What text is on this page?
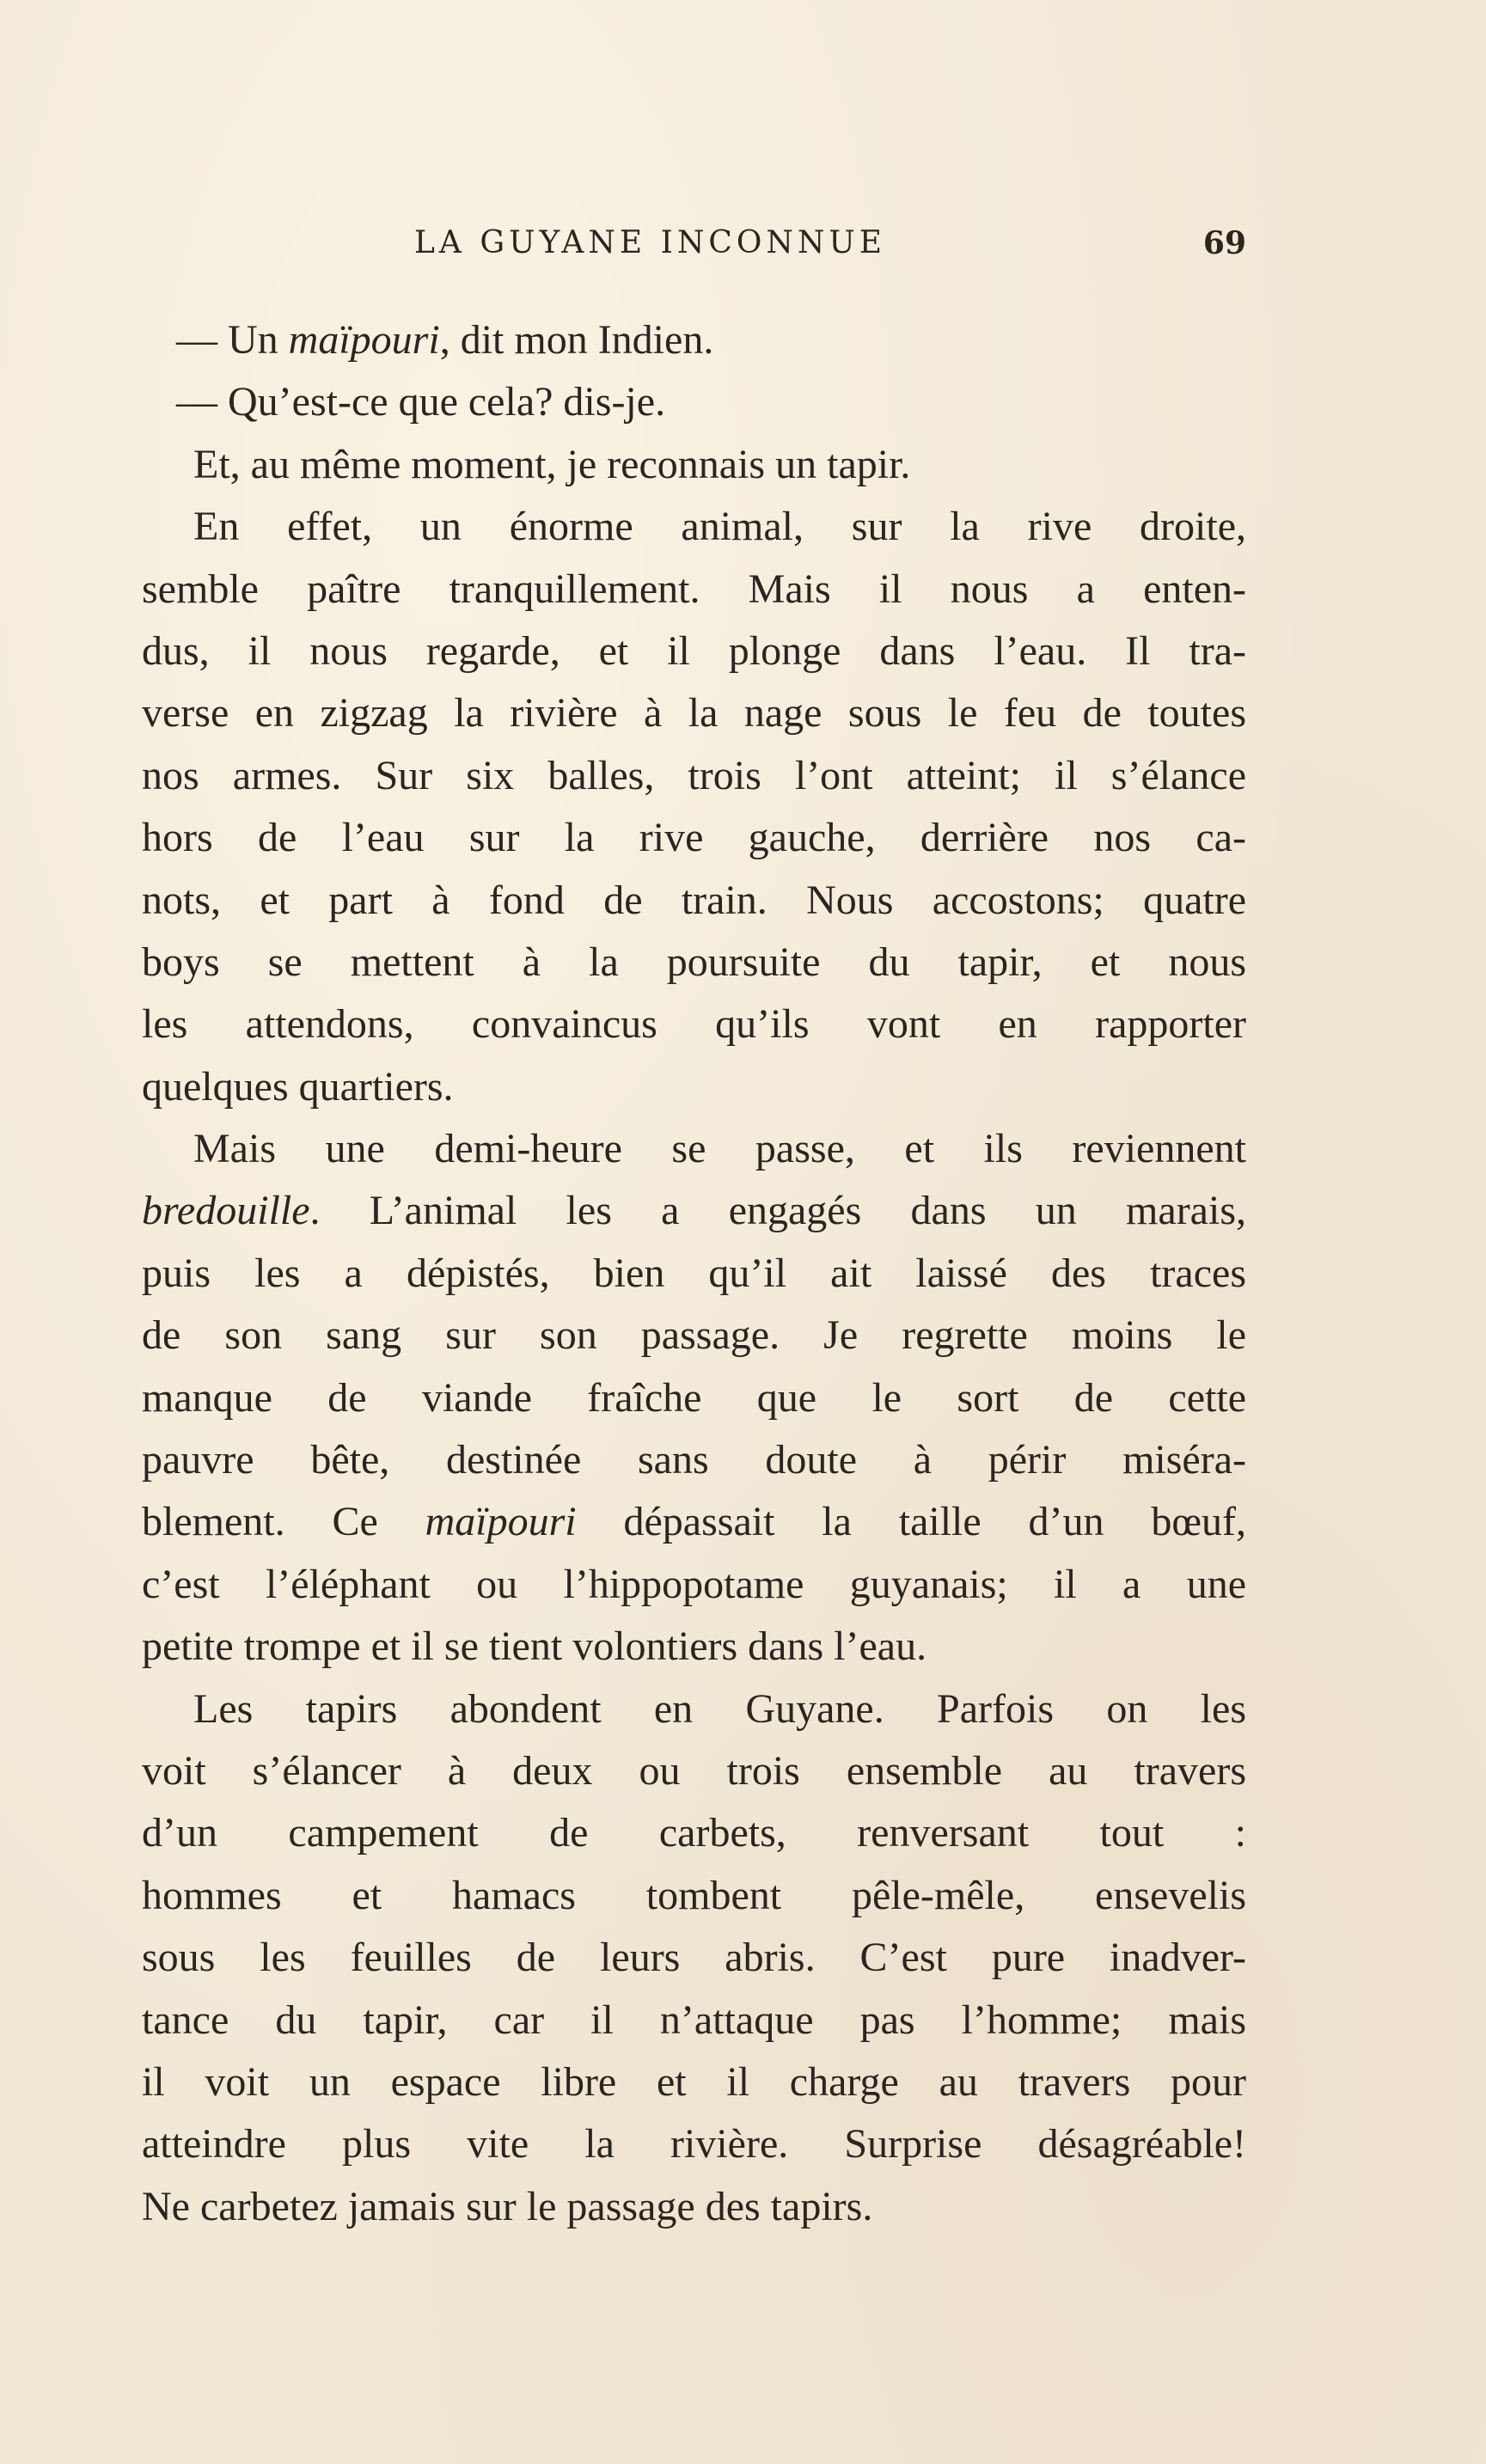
LA GUYANE INCONNUE	69
— Un maïpouri, dit mon Indien.
— Qu’est-ce que cela? dis-je.
Et, au même moment, je reconnais un tapir.
En effet, un énorme animal, sur la rive droite,
semble paître tranquillement. Mais il nous a enten-
dus, il nous regarde, et il plonge dans l’eau. Il tra-
verse en zigzag la rivière à la nage sous le feu de toutes
nos armes. Sur six balles, trois l’ont atteint; il s’élance
hors de l’eau sur la rive gauche, derrière nos ca-
nots, et part à fond de train. Nous accostons; quatre
boys se mettent à la poursuite du tapir, et nous
les attendons, convaincus qu’ils vont en rapporter
quelques quartiers.
Mais une demi-heure se passe, et ils reviennent
bredouille. L’animal les a engagés dans un marais,
puis les a dépistés, bien qu’il ait laissé des traces
de son sang sur son passage. Je regrette moins le
manque de viande fraîche que le sort de cette
pauvre bête, destinée sans doute à périr miséra-
blement. Ce maïpouri dépassait la taille d’un bœuf,
c’est l’éléphant ou l’hippopotame guyanais; il a une
petite trompe et il se tient volontiers dans l’eau.
Les tapirs abondent en Guyane. Parfois on les
voit s’élancer à deux ou trois ensemble au travers
d’un campement de carbets, renversant tout :
hommes et hamacs tombent pêle-mêle, ensevelis
sous les feuilles de leurs abris. C’est pure inadver-
tance du tapir, car il n’attaque pas l’homme; mais
il voit un espace libre et il charge au travers pour
atteindre plus vite la rivière. Surprise désagréable!
Ne carbetez jamais sur le passage des tapirs.
